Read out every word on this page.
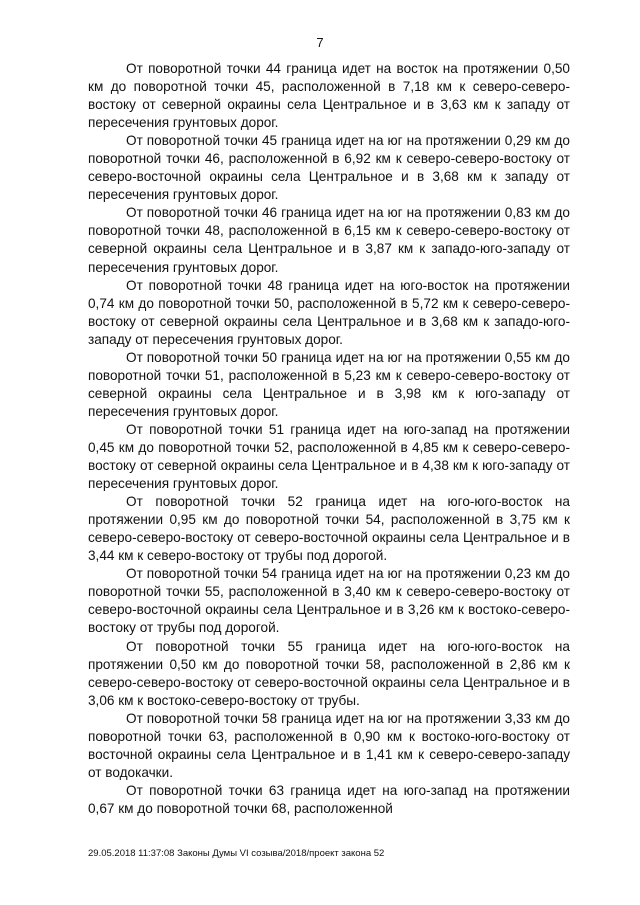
7

От поворотной точки 44 граница идет на восток на протяжении 0,50 км до поворотной точки 45, расположенной в 7,18 км к северо-северо-востоку от северной окраины села Центральное и в 3,63 км к западу от пересечения грунтовых дорог.

От поворотной точки 45 граница идет на юг на протяжении 0,29 км до поворотной точки 46, расположенной в 6,92 км к северо-северо-востоку от северо-восточной окраины села Центральное и в 3,68 км к западу от пересечения грунтовых дорог.

От поворотной точки 46 граница идет на юг на протяжении 0,83 км до поворотной точки 48, расположенной в 6,15 км к северо-северо-востоку от северной окраины села Центральное и в 3,87 км к западо-юго-западу от пересечения грунтовых дорог.

От поворотной точки 48 граница идет на юго-восток на протяжении 0,74 км до поворотной точки 50, расположенной в 5,72 км к северо-северо-востоку от северной окраины села Центральное и в 3,68 км к западо-юго-западу от пересечения грунтовых дорог.

От поворотной точки 50 граница идет на юг на протяжении 0,55 км до поворотной точки 51, расположенной в 5,23 км к северо-северо-востоку от северной окраины села Центральное и в 3,98 км к юго-западу от пересечения грунтовых дорог.

От поворотной точки 51 граница идет на юго-запад на протяжении 0,45 км до поворотной точки 52, расположенной в 4,85 км к северо-северо-востоку от северной окраины села Центральное и в 4,38 км к юго-западу от пересечения грунтовых дорог.

От поворотной точки 52 граница идет на юго-юго-восток на протяжении 0,95 км до поворотной точки 54, расположенной в 3,75 км к северо-северо-востоку от северо-восточной окраины села Центральное и в 3,44 км к северо-востоку от трубы под дорогой.

От поворотной точки 54 граница идет на юг на протяжении 0,23 км до поворотной точки 55, расположенной в 3,40 км к северо-северо-востоку от северо-восточной окраины села Центральное и в 3,26 км к востоко-северо-востоку от трубы под дорогой.

От поворотной точки 55 граница идет на юго-юго-восток на протяжении 0,50 км до поворотной точки 58, расположенной в 2,86 км к северо-северо-востоку от северо-восточной окраины села Центральное и в 3,06 км к востоко-северо-востоку от трубы.

От поворотной точки 58 граница идет на юг на протяжении 3,33 км до поворотной точки 63, расположенной в 0,90 км к востоко-юго-востоку от восточной окраины села Центральное и в 1,41 км к северо-северо-западу от водокачки.

От поворотной точки 63 граница идет на юго-запад на протяжении 0,67 км до поворотной точки 68, расположенной

29.05.2018 11:37:08 Законы Думы VI созыва/2018/проект закона 52
